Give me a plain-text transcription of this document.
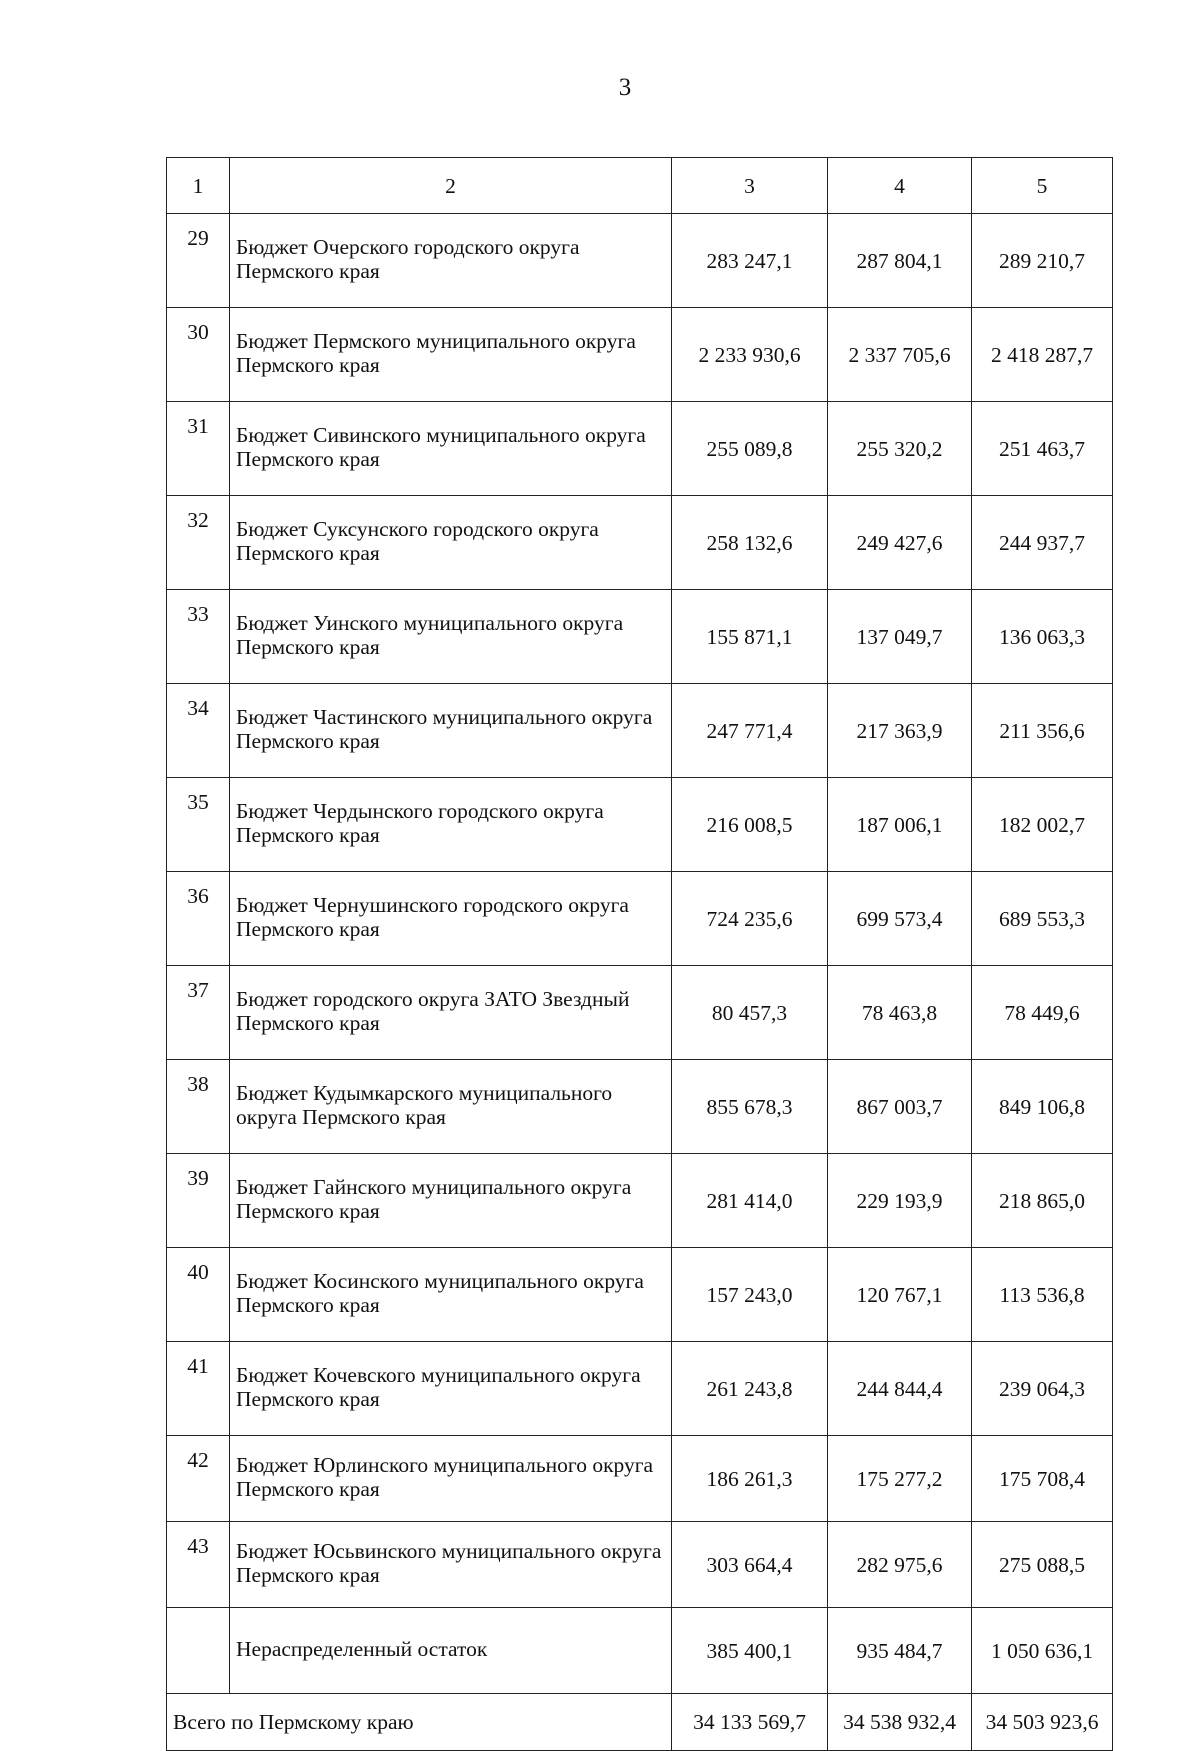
3
1	2	3	4	5
29	Бюджет Очерского городского округа Пермского края	283 247,1	287 804,1	289 210,7
30	Бюджет Пермского муниципального округа Пермского края	2 233 930,6	2 337 705,6	2 418 287,7
31	Бюджет Сивинского муниципального округа Пермского края	255 089,8	255 320,2	251 463,7
32	Бюджет Суксунского городского округа Пермского края	258 132,6	249 427,6	244 937,7
33	Бюджет Уинского муниципального округа Пермского края	155 871,1	137 049,7	136 063,3
34	Бюджет Частинского муниципального округа Пермского края	247 771,4	217 363,9	211 356,6
35	Бюджет Чердынского городского округа Пермского края	216 008,5	187 006,1	182 002,7
36	Бюджет Чернушинского городского округа Пермского края	724 235,6	699 573,4	689 553,3
37	Бюджет городского округа ЗАТО Звездный Пермского края	80 457,3	78 463,8	78 449,6
38	Бюджет Кудымкарского муниципального округа Пермского края	855 678,3	867 003,7	849 106,8
39	Бюджет Гайнского муниципального округа Пермского края	281 414,0	229 193,9	218 865,0
40	Бюджет Косинского муниципального округа Пермского края	157 243,0	120 767,1	113 536,8
41	Бюджет Кочевского муниципального округа Пермского края	261 243,8	244 844,4	239 064,3
42	Бюджет Юрлинского муниципального округа Пермского края	186 261,3	175 277,2	175 708,4
43	Бюджет Юсьвинского муниципального округа Пермского края	303 664,4	282 975,6	275 088,5
	Нераспределенный остаток	385 400,1	935 484,7	1 050 636,1
Всего по Пермскому краю		34 133 569,7	34 538 932,4	34 503 923,6
